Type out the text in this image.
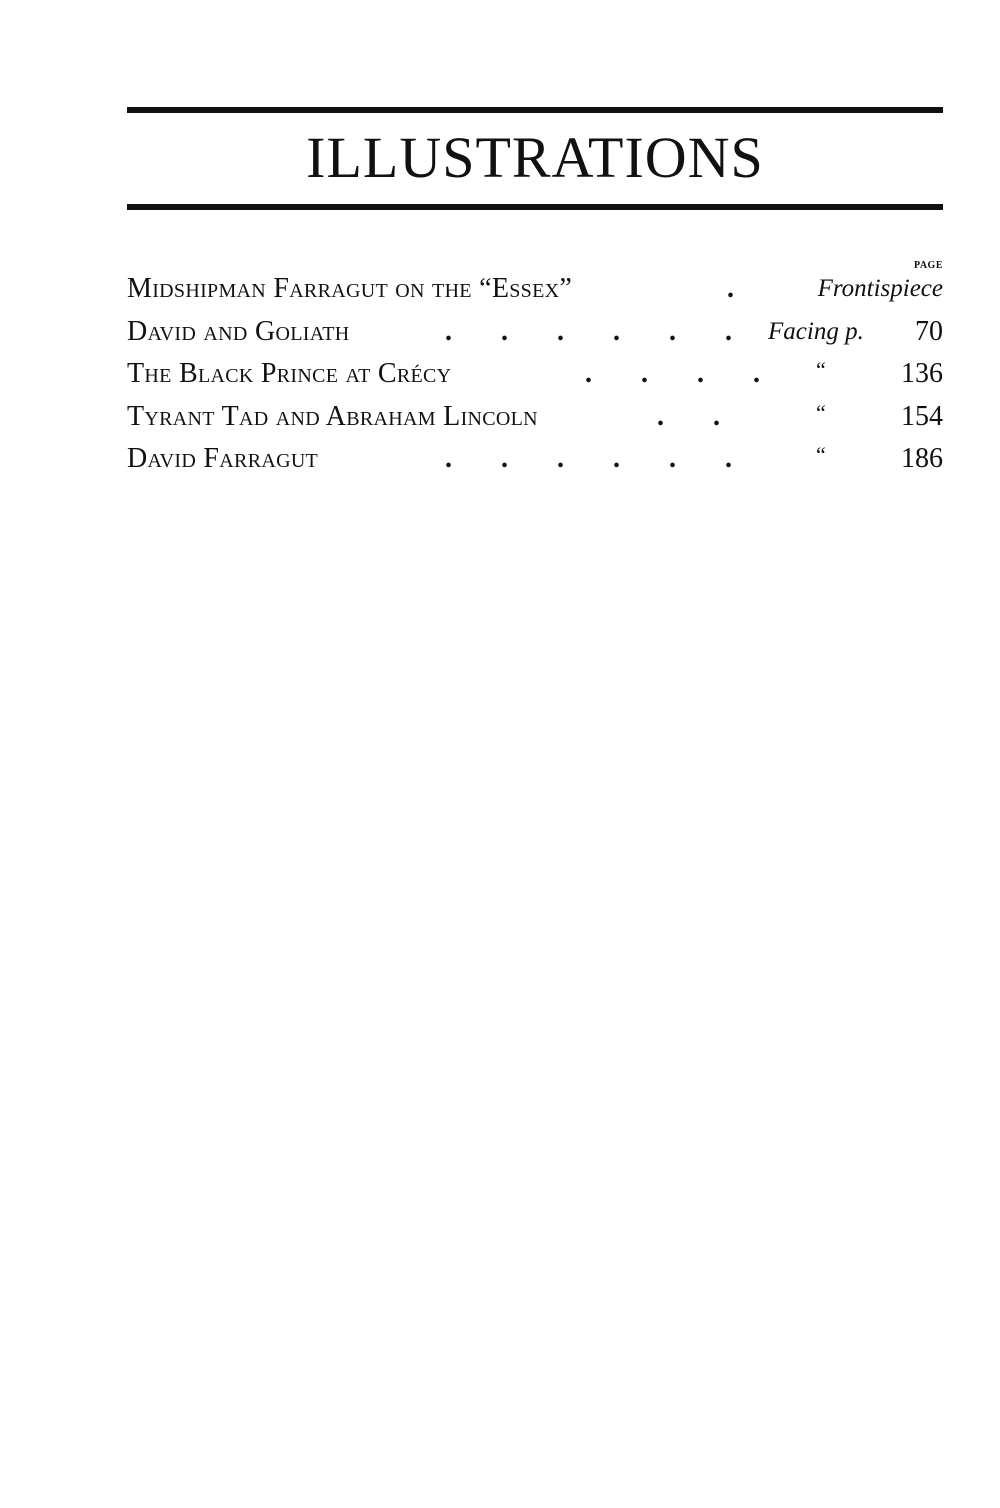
ILLUSTRATIONS
PAGE
Midshipman Farragut on the “Essex”	.	Frontispiece
David and Goliath	.       .       .       .       .       . Facing p. 70
The Black Prince at Crécy	.       .       .       .	“	136
Tyrant Tad and Abraham Lincoln	.       .	“	154
David Farragut	.       .       .       .       .       .	“	186
